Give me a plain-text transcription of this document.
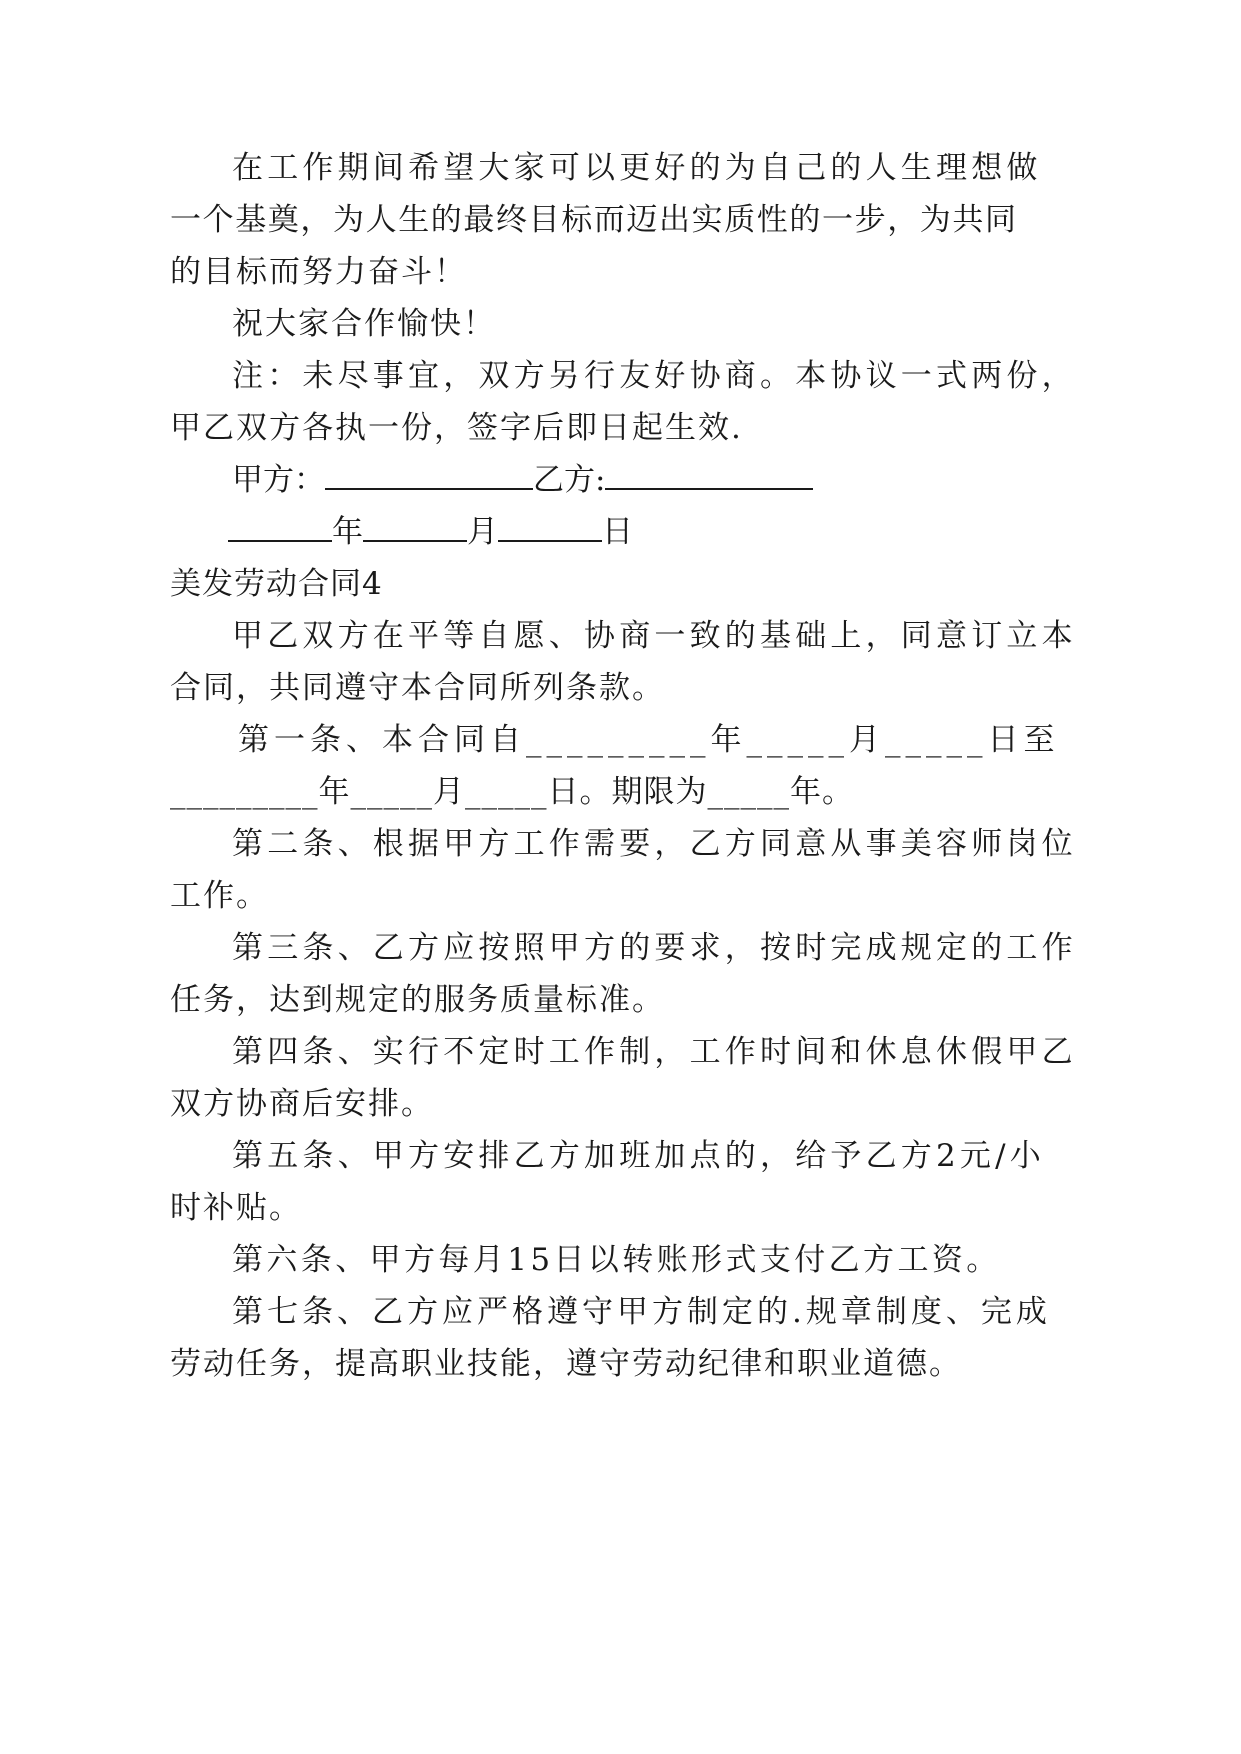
在工作期间希望大家可以更好的为自己的人生理想做

一个基奠，为人生的最终目标而迈出实质性的一步，为共同

的目标而努力奋斗！

祝大家合作愉快！

注：未尽事宜，双方另行友好协商。本协议一式两份，

甲乙双方各执一份，签字后即日起生效.

甲方：	乙方:
年	月	日
美发劳动合同4

甲乙双方在平等自愿、协商一致的基础上，同意订立本

合同，共同遵守本合同所列条款。

第一条、本合同自_________年_____月_____日至

_________年_____月_____日。期限为_____年。

第二条、根据甲方工作需要，乙方同意从事美容师岗位

工作。

第三条、乙方应按照甲方的要求，按时完成规定的工作

任务，达到规定的服务质量标准。

第四条、实行不定时工作制，工作时间和休息休假甲乙

双方协商后安排。

第五条、甲方安排乙方加班加点的，给予乙方2元/小

时补贴。

第六条、甲方每月15日以转账形式支付乙方工资。

第七条、乙方应严格遵守甲方制定的.规章制度、完成

劳动任务，提高职业技能，遵守劳动纪律和职业道德。
